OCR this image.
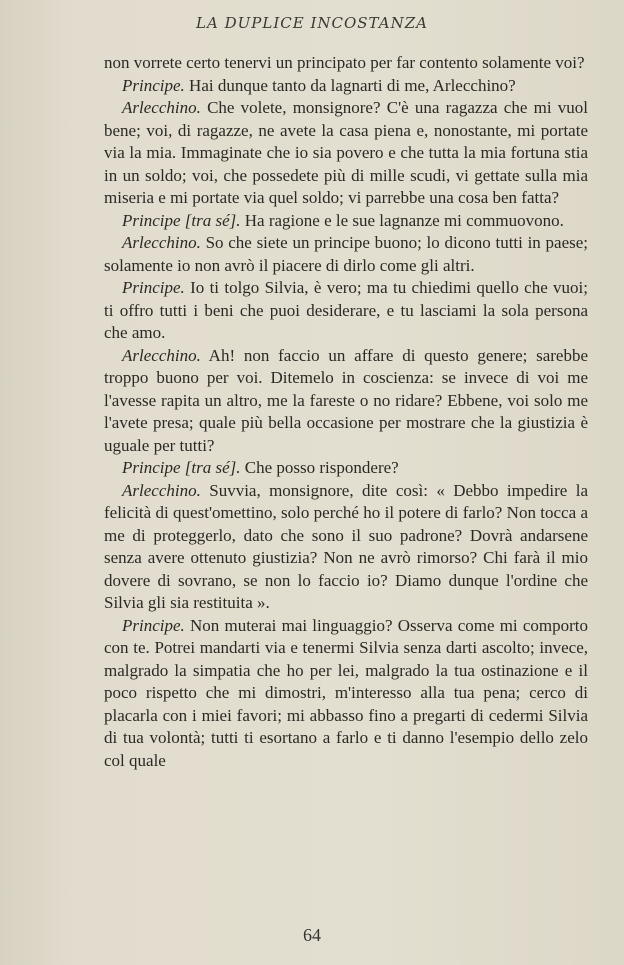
LA DUPLICE INCOSTANZA

non vorrete certo tenervi un principato per far contento solamente voi?

Principe. Hai dunque tanto da lagnarti di me, Arlecchino?

Arlecchino. Che volete, monsignore? C'è una ragazza che mi vuol bene; voi, di ragazze, ne avete la casa piena e, nonostante, mi portate via la mia. Immaginate che io sia povero e che tutta la mia fortuna stia in un soldo; voi, che possedete più di mille scudi, vi gettate sulla mia miseria e mi portate via quel soldo; vi parrebbe una cosa ben fatta?

Principe [tra sé]. Ha ragione e le sue lagnanze mi commuovono.

Arlecchino. So che siete un principe buono; lo dicono tutti in paese; solamente io non avrò il piacere di dirlo come gli altri.

Principe. Io ti tolgo Silvia, è vero; ma tu chiedimi quello che vuoi; ti offro tutti i beni che puoi desiderare, e tu lasciami la sola persona che amo.

Arlecchino. Ah! non faccio un affare di questo genere; sarebbe troppo buono per voi. Ditemelo in coscienza: se invece di voi me l'avesse rapita un altro, me la fareste o no ridare? Ebbene, voi solo me l'avete presa; quale più bella occasione per mostrare che la giustizia è uguale per tutti?

Principe [tra sé]. Che posso rispondere?

Arlecchino. Suvvia, monsignore, dite così: « Debbo impedire la felicità di quest'omettino, solo perché ho il potere di farlo? Non tocca a me di proteggerlo, dato che sono il suo padrone? Dovrà andarsene senza avere ottenuto giustizia? Non ne avrò rimorso? Chi farà il mio dovere di sovrano, se non lo faccio io? Diamo dunque l'ordine che Silvia gli sia restituita ».

Principe. Non muterai mai linguaggio? Osserva come mi comporto con te. Potrei mandarti via e tenermi Silvia senza darti ascolto; invece, malgrado la simpatia che ho per lei, malgrado la tua ostinazione e il poco rispetto che mi dimostri, m'interesso alla tua pena; cerco di placarla con i miei favori; mi abbasso fino a pregarti di cedermi Silvia di tua volontà; tutti ti esortano a farlo e ti danno l'esempio dello zelo col quale

64
